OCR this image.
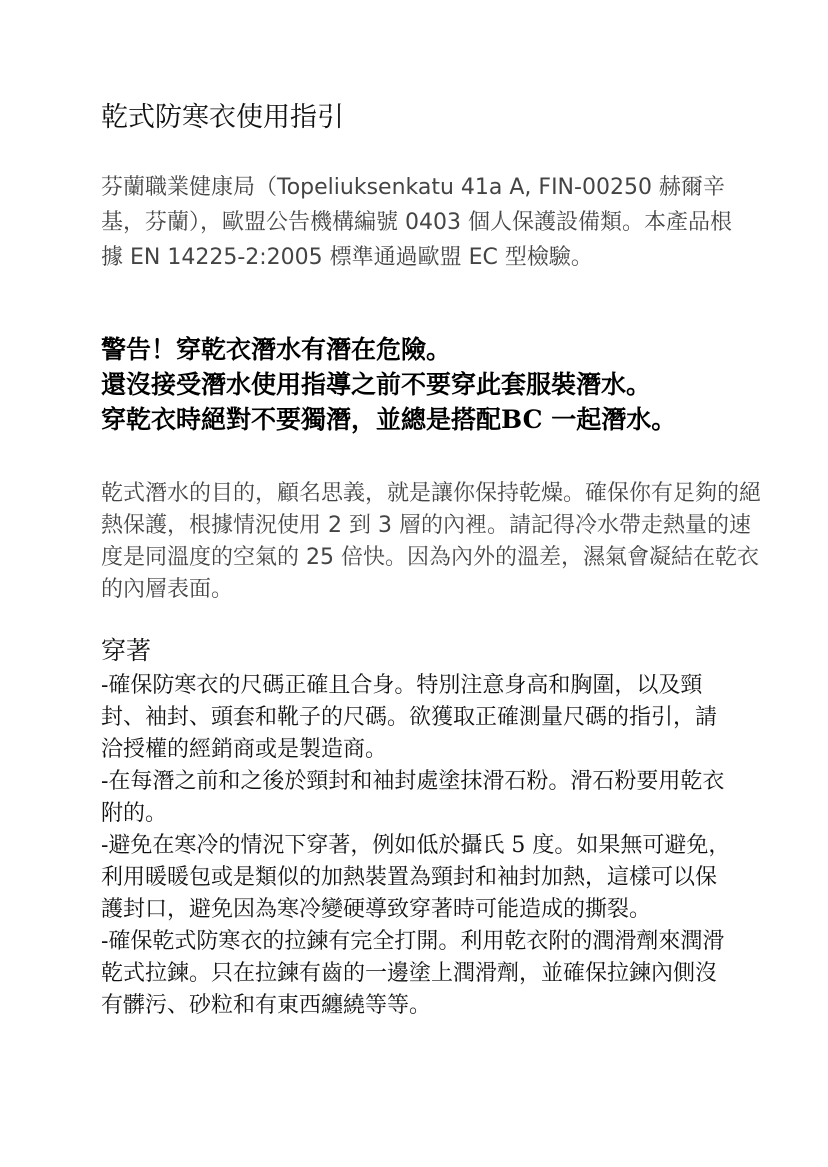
乾式防寒衣使用指引

芬蘭職業健康局（Topeliuksenkatu 41a A, FIN-00250 赫爾辛基，芬蘭），歐盟公告機構編號 0403 個人保護設備類。本產品根據 EN 14225-2:2005 標準通過歐盟 EC 型檢驗。

警告！穿乾衣潛水有潛在危險。
還沒接受潛水使用指導之前不要穿此套服裝潛水。
穿乾衣時絕對不要獨潛，並總是搭配BC 一起潛水。

乾式潛水的目的，顧名思義，就是讓你保持乾燥。確保你有足夠的絕熱保護，根據情況使用 2 到 3 層的內裡。請記得冷水帶走熱量的速度是同溫度的空氣的 25 倍快。因為內外的溫差，濕氣會凝結在乾衣的內層表面。

穿著

-確保防寒衣的尺碼正確且合身。特別注意身高和胸圍，以及頸封、袖封、頭套和靴子的尺碼。欲獲取正確測量尺碼的指引，請洽授權的經銷商或是製造商。
-在每潛之前和之後於頸封和袖封處塗抹滑石粉。滑石粉要用乾衣附的。
-避免在寒冷的情況下穿著，例如低於攝氏 5 度。如果無可避免，利用暖暖包或是類似的加熱裝置為頸封和袖封加熱，這樣可以保護封口，避免因為寒冷變硬導致穿著時可能造成的撕裂。
-確保乾式防寒衣的拉鍊有完全打開。利用乾衣附的潤滑劑來潤滑乾式拉鍊。只在拉鍊有齒的一邊塗上潤滑劑，並確保拉鍊內側沒有髒污、砂粒和有東西纏繞等等。
